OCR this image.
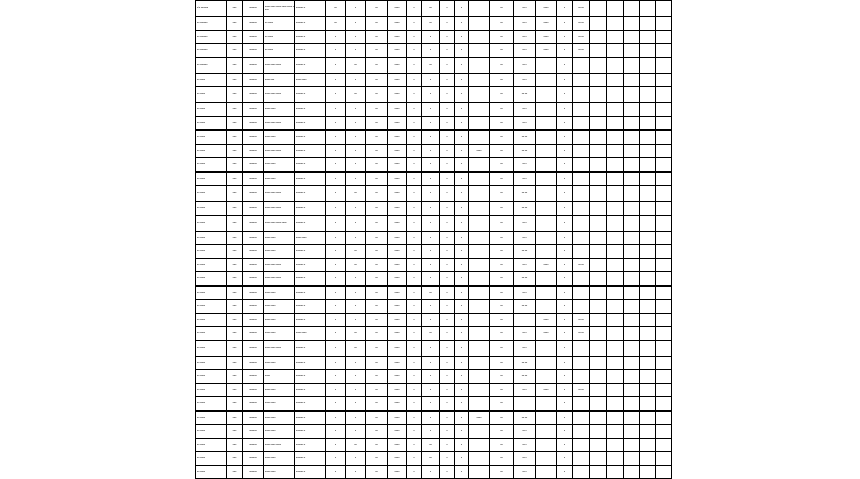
a/a aaaaaa	aaa	aaaaaa	aaaa aaaa aaaa aaaa aaaa aaaa	aaaaaa a	aa	a	aa	aaaa	a	aa	a	a		aa	aa a	aaaa	a	aa aa					
aa aaaaaa	aaa	aaaaaa	aa aaaa	aaaaaa a	aa	a	aa	aaaa	a	aa	a	a		aa	aa a	aaaa	a	aa aa					
aa aaaaaa	aaa	aaaaaa	aa aaaa	aaaaaa a	a	a	aa	aaaa	a	a	a	a		aa	aa a	aaaa	a	aa aa					
aa aaaaaa	aaa	aaaaaa	aa aaaa	aaaaaa a	a	a	aa	aaaa	a	a	a	a		aa	aa a	aaaa	a	aa aa					
aa aaaaaa	aaa	aaaaaa	aaaa aaaa aaaa	aaaaaa a	a	aa	aa	aaaa	a	aa	a	a		aa	aa a		a						
aa aaaa	aaa	aaaaaa	aaaa aaa	aaaa aaaa	a	a	aa	aaaa	a	a	a	a		aa	aa a		a						
aa aaaa	aaa	aaaaaa	aaaa aaaa aaaa	aaaaaa a	a	aa	aa	aaaa	a	a	a	a		aa	aa aa		a						
aa aaaa	aaa	aaaaaa	aaaa aaaa	aaaaaa a	a	a	aa	aaaa	a	a	a	a		aa	aa a		a						
aa aaaa	aaa	aaaaaa	aaaa aaaa aaaa	aaaaaa a	a	a	aa	aaaa	a	a	a	a		aa	aa a		a						
aa aaaa	aaa	aaaaaa	aaaa aaaa	aaaaaa a	a	a	aa	aaaa	a	a	a	a		aa	aa aa		a						
aa aaaa	aaa	aaaaaa	aaaa aaaa aaaa	aaaaaa a	a	a	aa	aaaa	a	a	a	a	aaaa	aa	aa aa		a						
aa aaaa	aaa	aaaaaa	aaaa aaaa	aaaaaa a	a	a	aa	aaaa	a	a	a	a		aa	aa a		a						
aa aaaa	aaa	aaaaaa	aaaa aaaa	aaaaaa a	a	a	aa	aaaa	a	a	a	a		aa	aa a		a						
aa aaaa	aaa	aaaaaa	aaaa aaaa aaaa	aaaaaa a	a	aa	aa	aaaa	a	a	a	a		aa	aa aa		a						
aa aaaa	aaa	aaaaaa	aaaa aaaa aaaa	aaaaaa a	a	a	aa	aaaa	a	a	a	a		aa	aa aa		a						
aa aaaa	aaa	aaaaaa	aaaa aaaa aaaa aaaa	aaaaaa a	a	a	aa	aaaa	a	a	a	a		aa	aa a		a						
aa aaaa	aaa	aaaaaa	aaaa aaaa	aaaa aaaa	a	a	aa	aaaa	a	a	a	a		aa	aa a		a						
aa aaaa	aaa	aaaaaa	aaaa aaaa	aaaaaa a	a	aa	aa	aaaa	a	a	a	a		aa	aa aa		a						
aa aaaa	aaa	aaaaaa	aaaa aaaa aaaa	aaaaaa a	a	aa	aa	aaaa	a	a	a	a		aa	aa a	aaaa	a	aa aa					
aa aaaa	aaa	aaaaaa	aaaa aaaa aaaa	aaaaaa a	a	a	aa	aaaa	a	a	a	a		aa	aa aa		a						
aa aaaa	aaa	aaaaaa	aaaa aaaa	aaaaaa a	a	a	aa	aaaa	a	aa	a	a		aa	aa a		a						
aa aaaa	aaa	aaaaaa	aaaa aaaa	aaaaaa a	a	a	aa	aaaa	a	a	a	a		aa	aa aa		a						
aa aaaa	aaa	aaaaaa	aaaa aaaa	aaaaaa a	a	a	aa	aaaa	a	a	a	a		aa		aaaa	a	aa aa					
aa aaaa	aaa	aaaaaa	aaaa aaaa	aaaa aaaa	a	aa	aa	aaaa	a	aa	a	a		aa	aa a	aaaa	a	aa aa					
aa aaaa	aaa	aaaaaa	aaaa aaaa aaaa	aaaaaa a	a	aa	aa	aaaa	a	a	a	a		aa	aa a		a						
aa aaaa	aaa	aaaaaa	aaaa aaaa	aaaaaa a	a	a	aa	aaaa	a	a	a	a		aa	aa aa		a						
aa aaaa	aaa	aaaaaa	aaaa	aaaaaa a	a	a	aa	aaaa	a	a	a	a		aa	aa aa		a						
aa aaaa	aaa	aaaaaa	aaaa aaaa	aaaaaa a	a	a	aa	aaaa	a	a	a	a		aa	aa a	aaaa	a	aa aa					
aa aaaa	aaa	aaaaaa	aaaa aaaa	aaaaaa a	a	a	aa	aaaa	a	a	a	a		aa			a						
aa aaaa	aaa	aaaaaa	aaaa aaaa	aaaaaa a	a	a	aa	aaaa	a	a	a	a	aaaa	aa	aa aa		a						
aa aaaa	aaa	aaaaaa	aaaa aaaa	aaaaaa a	a	a	aa	aaaa	a	a	a	a		aa	aa a		a						
aa aaaa	aaa	aaaaaa	aaaa aaaa aaaa	aaaaaa a	a	aa	aa	aaaa	a	aa	a	a		aa	aa a		a						
aa aaaa	aaa	aaaaaa	aaaa aaaa	aaaaaa a	a	a	aa	aaaa	a	aa	a	a		aa	aa a		a						
aa aaaa	aaa	aaaaaa	aaaa aaaa	aaaaaa a	a	a	aa	aaaa	a	a	a	a		aa	aa a		a						
